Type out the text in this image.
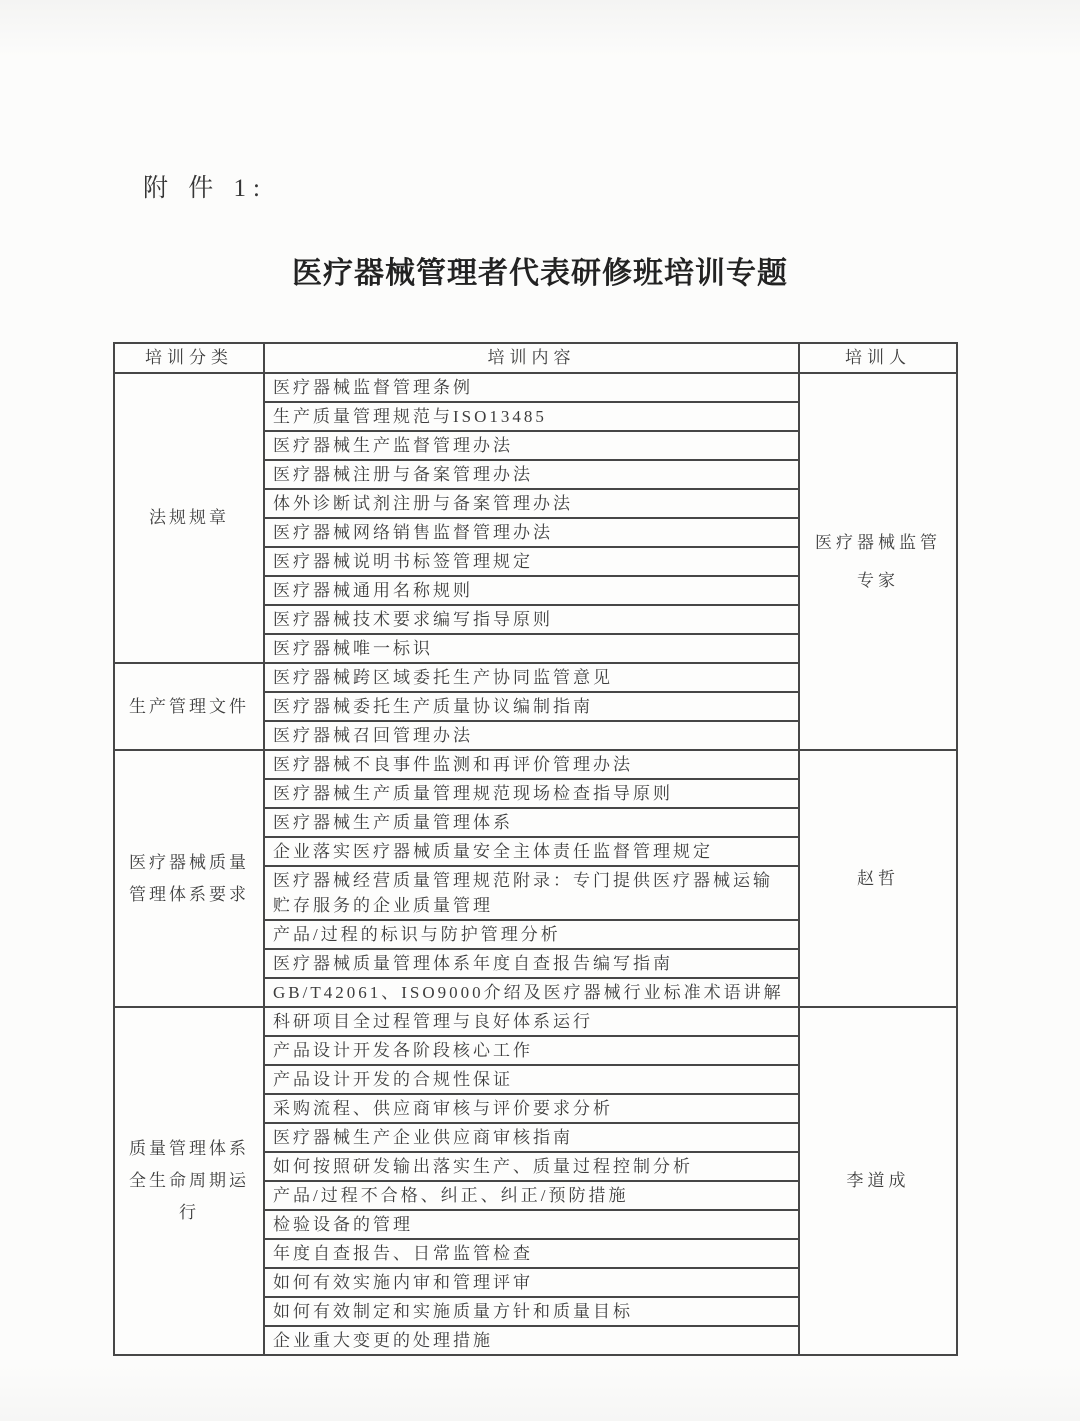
附 件 1:
医疗器械管理者代表研修班培训专题
培训分类	培训内容	培训人
法规规章	医疗器械监督管理条例	医疗器械监管专家
	生产质量管理规范与ISO13485	
	医疗器械生产监督管理办法	
	医疗器械注册与备案管理办法	
	体外诊断试剂注册与备案管理办法	
	医疗器械网络销售监督管理办法	
	医疗器械说明书标签管理规定	
	医疗器械通用名称规则	
	医疗器械技术要求编写指导原则	
	医疗器械唯一标识	
生产管理文件	医疗器械跨区域委托生产协同监管意见	
	医疗器械委托生产质量协议编制指南	
	医疗器械召回管理办法	
医疗器械质量管理体系要求	医疗器械不良事件监测和再评价管理办法	赵哲
	医疗器械生产质量管理规范现场检查指导原则	
	医疗器械生产质量管理体系	
	企业落实医疗器械质量安全主体责任监督管理规定	
	医疗器械经营质量管理规范附录：专门提供医疗器械运输贮存服务的企业质量管理	
	产品/过程的标识与防护管理分析	
	医疗器械质量管理体系年度自查报告编写指南	
	GB/T42061、ISO9000介绍及医疗器械行业标准术语讲解	
质量管理体系全生命周期运行	科研项目全过程管理与良好体系运行	李道成
	产品设计开发各阶段核心工作	
	产品设计开发的合规性保证	
	采购流程、供应商审核与评价要求分析	
	医疗器械生产企业供应商审核指南	
	如何按照研发输出落实生产、质量过程控制分析	
	产品/过程不合格、纠正、纠正/预防措施	
	检验设备的管理	
	年度自查报告、日常监管检查	
	如何有效实施内审和管理评审	
	如何有效制定和实施质量方针和质量目标	
	企业重大变更的处理措施	
